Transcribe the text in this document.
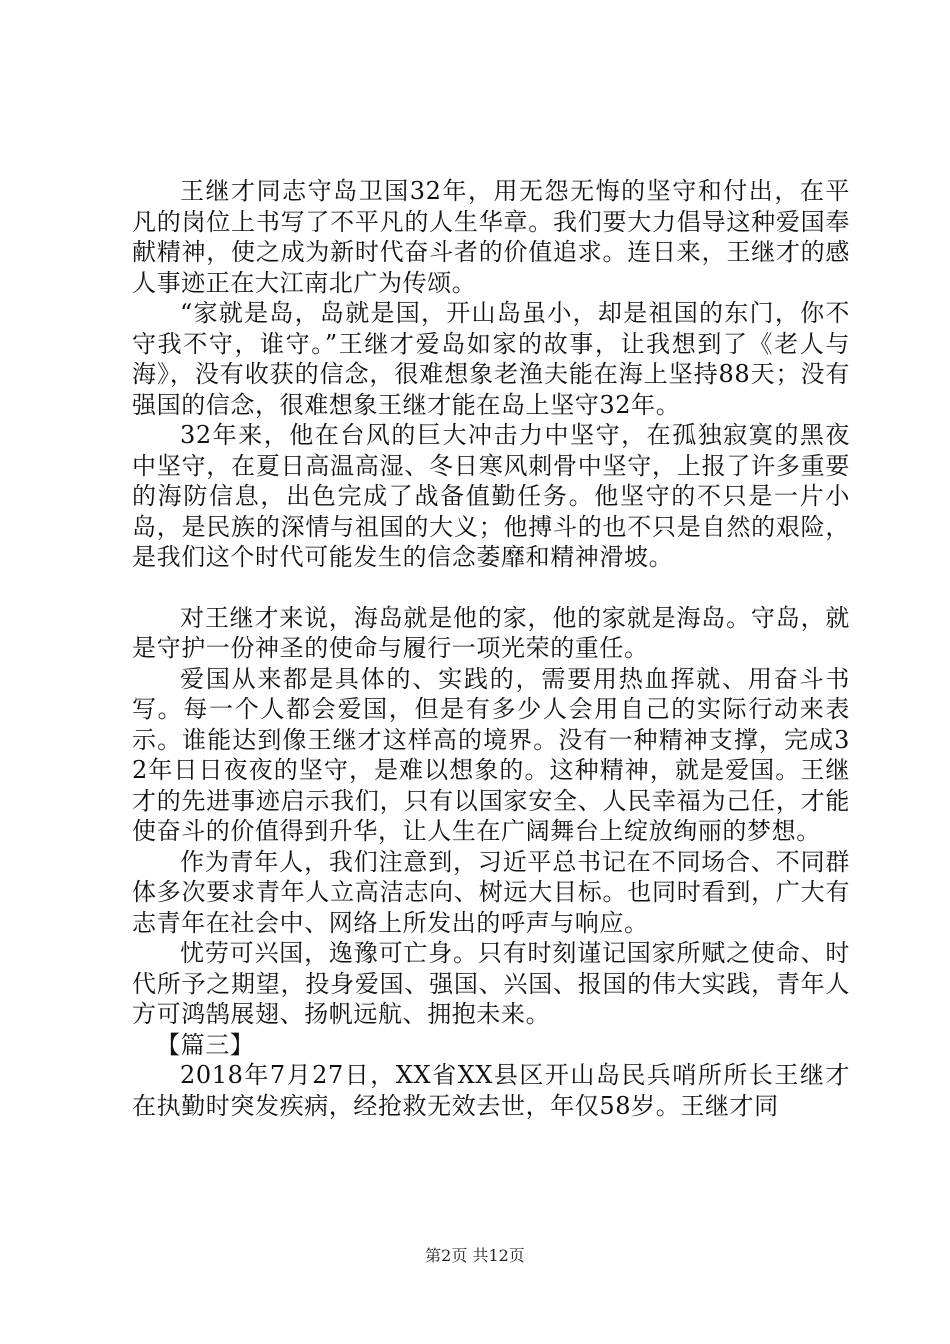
王继才同志守岛卫国32年，用无怨无悔的坚守和付出，在平凡的岗位上书写了不平凡的人生华章。我们要大力倡导这种爱国奉献精神，使之成为新时代奋斗者的价值追求。连日来，王继才的感人事迹正在大江南北广为传颂。

“家就是岛，岛就是国，开山岛虽小，却是祖国的东门，你不守我不守，谁守。”王继才爱岛如家的故事，让我想到了《老人与海》，没有收获的信念，很难想象老渔夫能在海上坚持88天；没有强国的信念，很难想象王继才能在岛上坚守32年。

32年来，他在台风的巨大冲击力中坚守，在孤独寂寞的黑夜中坚守，在夏日高温高湿、冬日寒风刺骨中坚守，上报了许多重要的海防信息，出色完成了战备值勤任务。他坚守的不只是一片小岛，是民族的深情与祖国的大义；他搏斗的也不只是自然的艰险，是我们这个时代可能发生的信念萎靡和精神滑坡。

对王继才来说，海岛就是他的家，他的家就是海岛。守岛，就是守护一份神圣的使命与履行一项光荣的重任。

爱国从来都是具体的、实践的，需要用热血挥就、用奋斗书写。每一个人都会爱国，但是有多少人会用自己的实际行动来表示。谁能达到像王继才这样高的境界。没有一种精神支撑，完成32年日日夜夜的坚守，是难以想象的。这种精神，就是爱国。王继才的先进事迹启示我们，只有以国家安全、人民幸福为己任，才能使奋斗的价值得到升华，让人生在广阔舞台上绽放绚丽的梦想。

作为青年人，我们注意到，习近平总书记在不同场合、不同群体多次要求青年人立高洁志向、树远大目标。也同时看到，广大有志青年在社会中、网络上所发出的呼声与响应。

忧劳可兴国，逸豫可亡身。只有时刻谨记国家所赋之使命、时代所予之期望，投身爱国、强国、兴国、报国的伟大实践，青年人方可鸿鹄展翅、扬帆远航、拥抱未来。

【篇三】

2018年7月27日，XX省XX县区开山岛民兵哨所所长王继才在执勤时突发疾病，经抢救无效去世，年仅58岁。王继才同

第2页 共12页
